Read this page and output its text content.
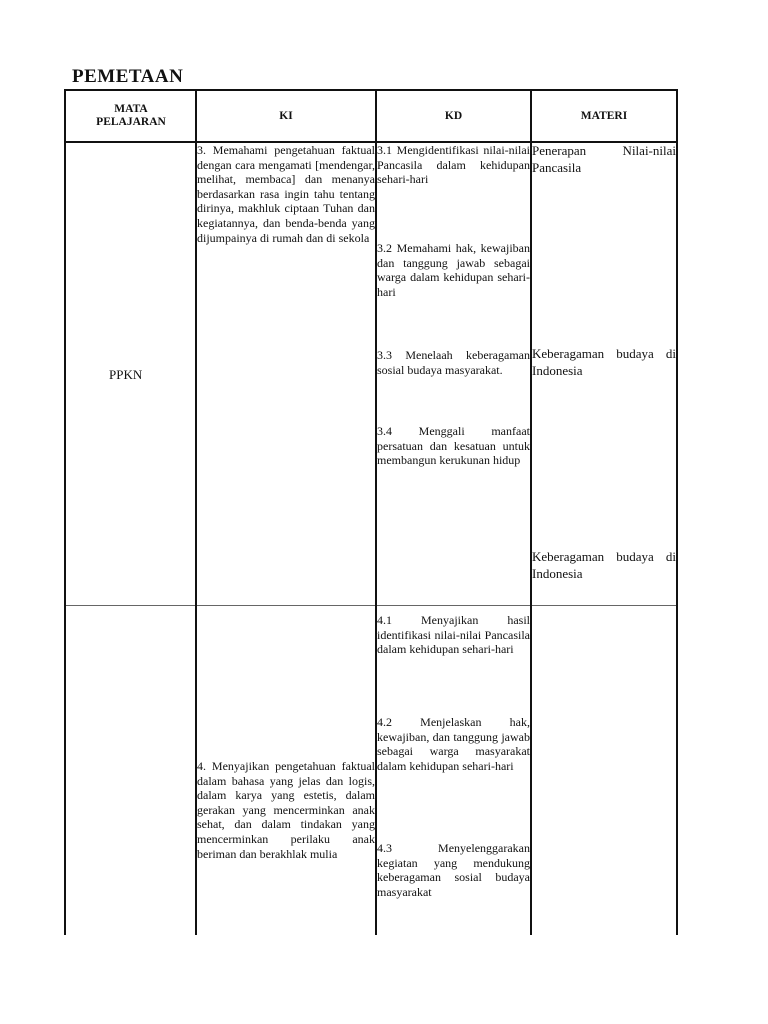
PEMETAAN
MATA PELAJARAN
KI	KD	MATERI
PPKN
3. Memahami pengetahuan faktual dengan cara mengamati [mendengar, melihat, membaca] dan menanya berdasarkan rasa ingin tahu tentang dirinya, makhluk ciptaan Tuhan dan kegiatannya, dan benda-benda yang dijumpainya di rumah dan di sekola
3.1 Mengidentifikasi nilai-nilai Pancasila dalam kehidupan sehari-hari
3.2 Memahami hak, kewajiban dan tanggung jawab sebagai warga dalam kehidupan sehari-hari
3.3 Menelaah keberagaman sosial budaya masyarakat.
3.4 Menggali manfaat persatuan dan kesatuan untuk membangun kerukunan hidup
Penerapan Nilai-nilai Pancasila
Keberagaman budaya di Indonesia
Keberagaman budaya di Indonesia
4. Menyajikan pengetahuan faktual dalam bahasa yang jelas dan logis, dalam karya yang estetis, dalam gerakan yang mencerminkan anak sehat, dan dalam tindakan yang mencerminkan perilaku anak beriman dan berakhlak mulia
4.1 Menyajikan hasil identifikasi nilai-nilai Pancasila dalam kehidupan sehari-hari
4.2 Menjelaskan hak, kewajiban, dan tanggung jawab sebagai warga masyarakat dalam kehidupan sehari-hari
4.3 Menyelenggarakan kegiatan yang mendukung keberagaman sosial budaya masyarakat
